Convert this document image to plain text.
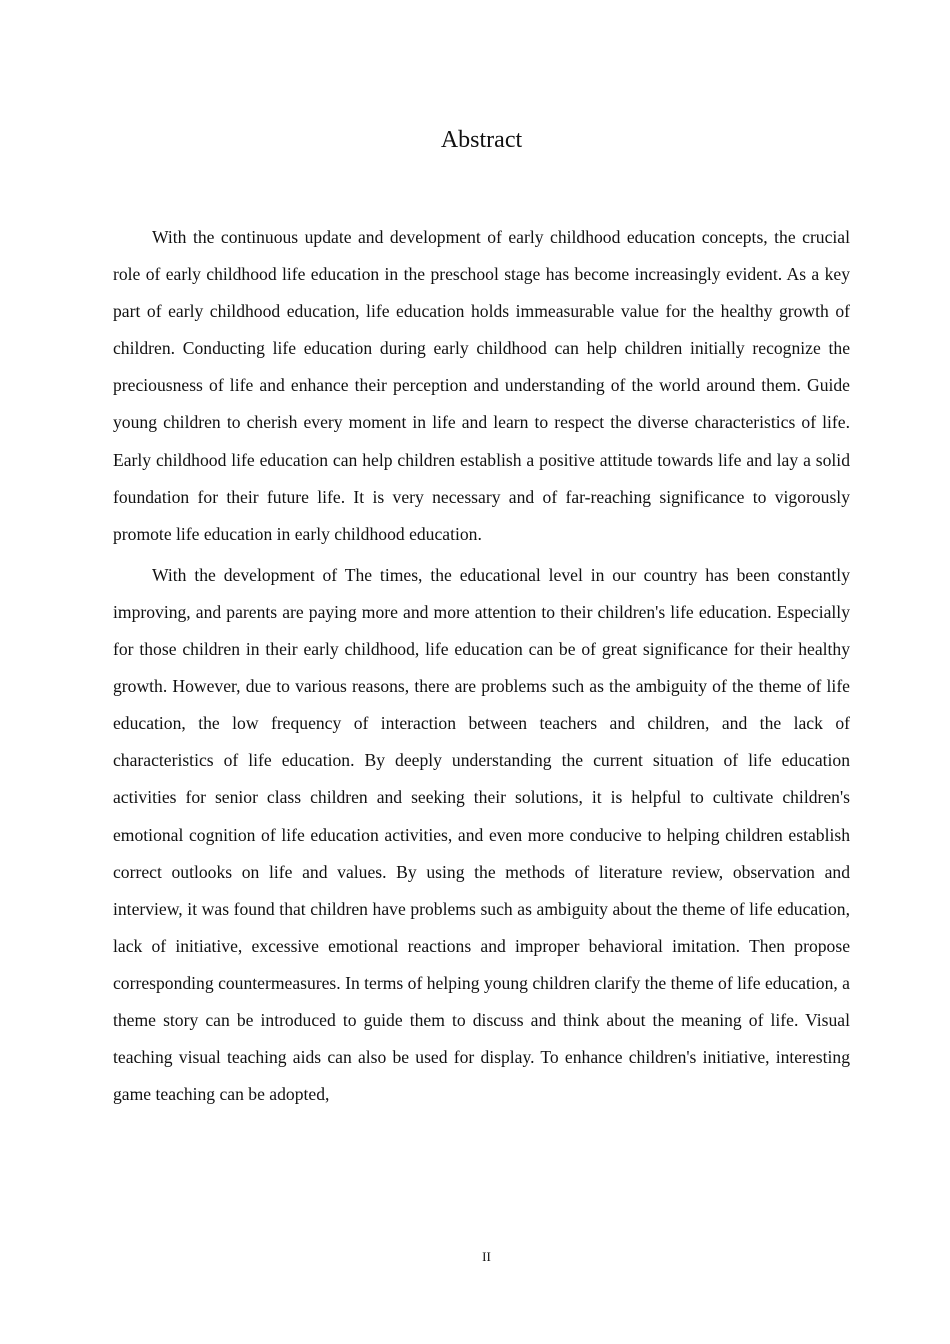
Abstract

With the continuous update and development of early childhood education concepts, the crucial role of early childhood life education in the preschool stage has become increasingly evident. As a key part of early childhood education, life education holds immeasurable value for the healthy growth of children. Conducting life education during early childhood can help children initially recognize the preciousness of life and enhance their perception and understanding of the world around them. Guide young children to cherish every moment in life and learn to respect the diverse characteristics of life. Early childhood life education can help children establish a positive attitude towards life and lay a solid foundation for their future life. It is very necessary and of far-reaching significance to vigorously promote life education in early childhood education.

With the development of The times, the educational level in our country has been constantly improving, and parents are paying more and more attention to their children's life education. Especially for those children in their early childhood, life education can be of great significance for their healthy growth. However, due to various reasons, there are problems such as the ambiguity of the theme of life education, the low frequency of interaction between teachers and children, and the lack of characteristics of life education. By deeply understanding the current situation of life education activities for senior class children and seeking their solutions, it is helpful to cultivate children's emotional cognition of life education activities, and even more conducive to helping children establish correct outlooks on life and values. By using the methods of literature review, observation and interview, it was found that children have problems such as ambiguity about the theme of life education, lack of initiative, excessive emotional reactions and improper behavioral imitation. Then propose corresponding countermeasures. In terms of helping young children clarify the theme of life education, a theme story can be introduced to guide them to discuss and think about the meaning of life. Visual teaching visual teaching aids can also be used for display. To enhance children's initiative, interesting game teaching can be adopted,

II
